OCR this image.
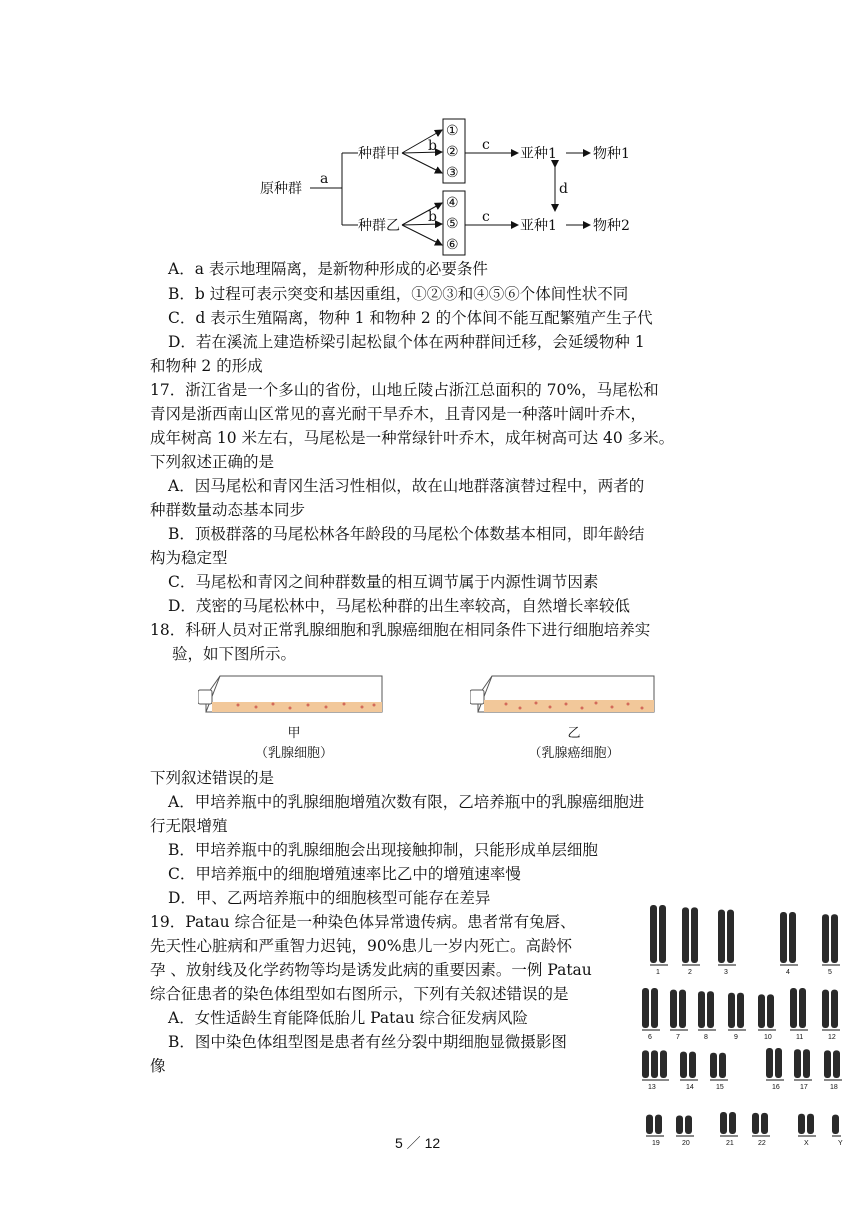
原种群
a
种群甲
种群乙
b
①
②
③
c
亚种1	物种1
b
④
⑤
⑥
c
亚种1	物种2
d
A．a 表示地理隔离，是新物种形成的必要条件
B．b 过程可表示突变和基因重组，①②③和④⑤⑥个体间性状不同
C．d 表示生殖隔离，物种 1 和物种 2 的个体间不能互配繁殖产生子代
D．若在溪流上建造桥梁引起松鼠个体在两种群间迁移，会延缓物种 1
和物种 2 的形成
17．浙江省是一个多山的省份，山地丘陵占浙江总面积的 70%，马尾松和
青冈是浙西南山区常见的喜光耐干旱乔木，且青冈是一种落叶阔叶乔木，
成年树高 10 米左右，马尾松是一种常绿针叶乔木，成年树高可达 40 多米。
下列叙述正确的是
A．因马尾松和青冈生活习性相似，故在山地群落演替过程中，两者的
种群数量动态基本同步
B．顶极群落的马尾松林各年龄段的马尾松个体数基本相同，即年龄结
构为稳定型
C．马尾松和青冈之间种群数量的相互调节属于内源性调节因素
D．茂密的马尾松林中，马尾松种群的出生率较高，自然增长率较低
18．科研人员对正常乳腺细胞和乳腺癌细胞在相同条件下进行细胞培养实
验，如下图所示。
甲
（乳腺细胞）
乙
（乳腺癌细胞）
下列叙述错误的是
A．甲培养瓶中的乳腺细胞增殖次数有限，乙培养瓶中的乳腺癌细胞进
行无限增殖
B．甲培养瓶中的乳腺细胞会出现接触抑制，只能形成单层细胞
C．甲培养瓶中的细胞增殖速率比乙中的增殖速率慢
D．甲、乙两培养瓶中的细胞核型可能存在差异
19．Patau 综合征是一种染色体异常遗传病。患者常有兔唇、
先天性心脏病和严重智力迟钝，90%患儿一岁内死亡。高龄怀
孕 、放射线及化学药物等均是诱发此病的重要因素。一例 Patau
综合征患者的染色体组型如右图所示，下列有关叙述错误的是
A．女性适龄生育能降低胎儿 Patau 综合征发病风险
B．图中染色体组型图是患者有丝分裂中期细胞显微摄影图
像
1	2	3	4	5
6	7	8	9	10	11	12
13	14	15	16	17	18
19	20	21	22	X	Y
5 ／ 12
